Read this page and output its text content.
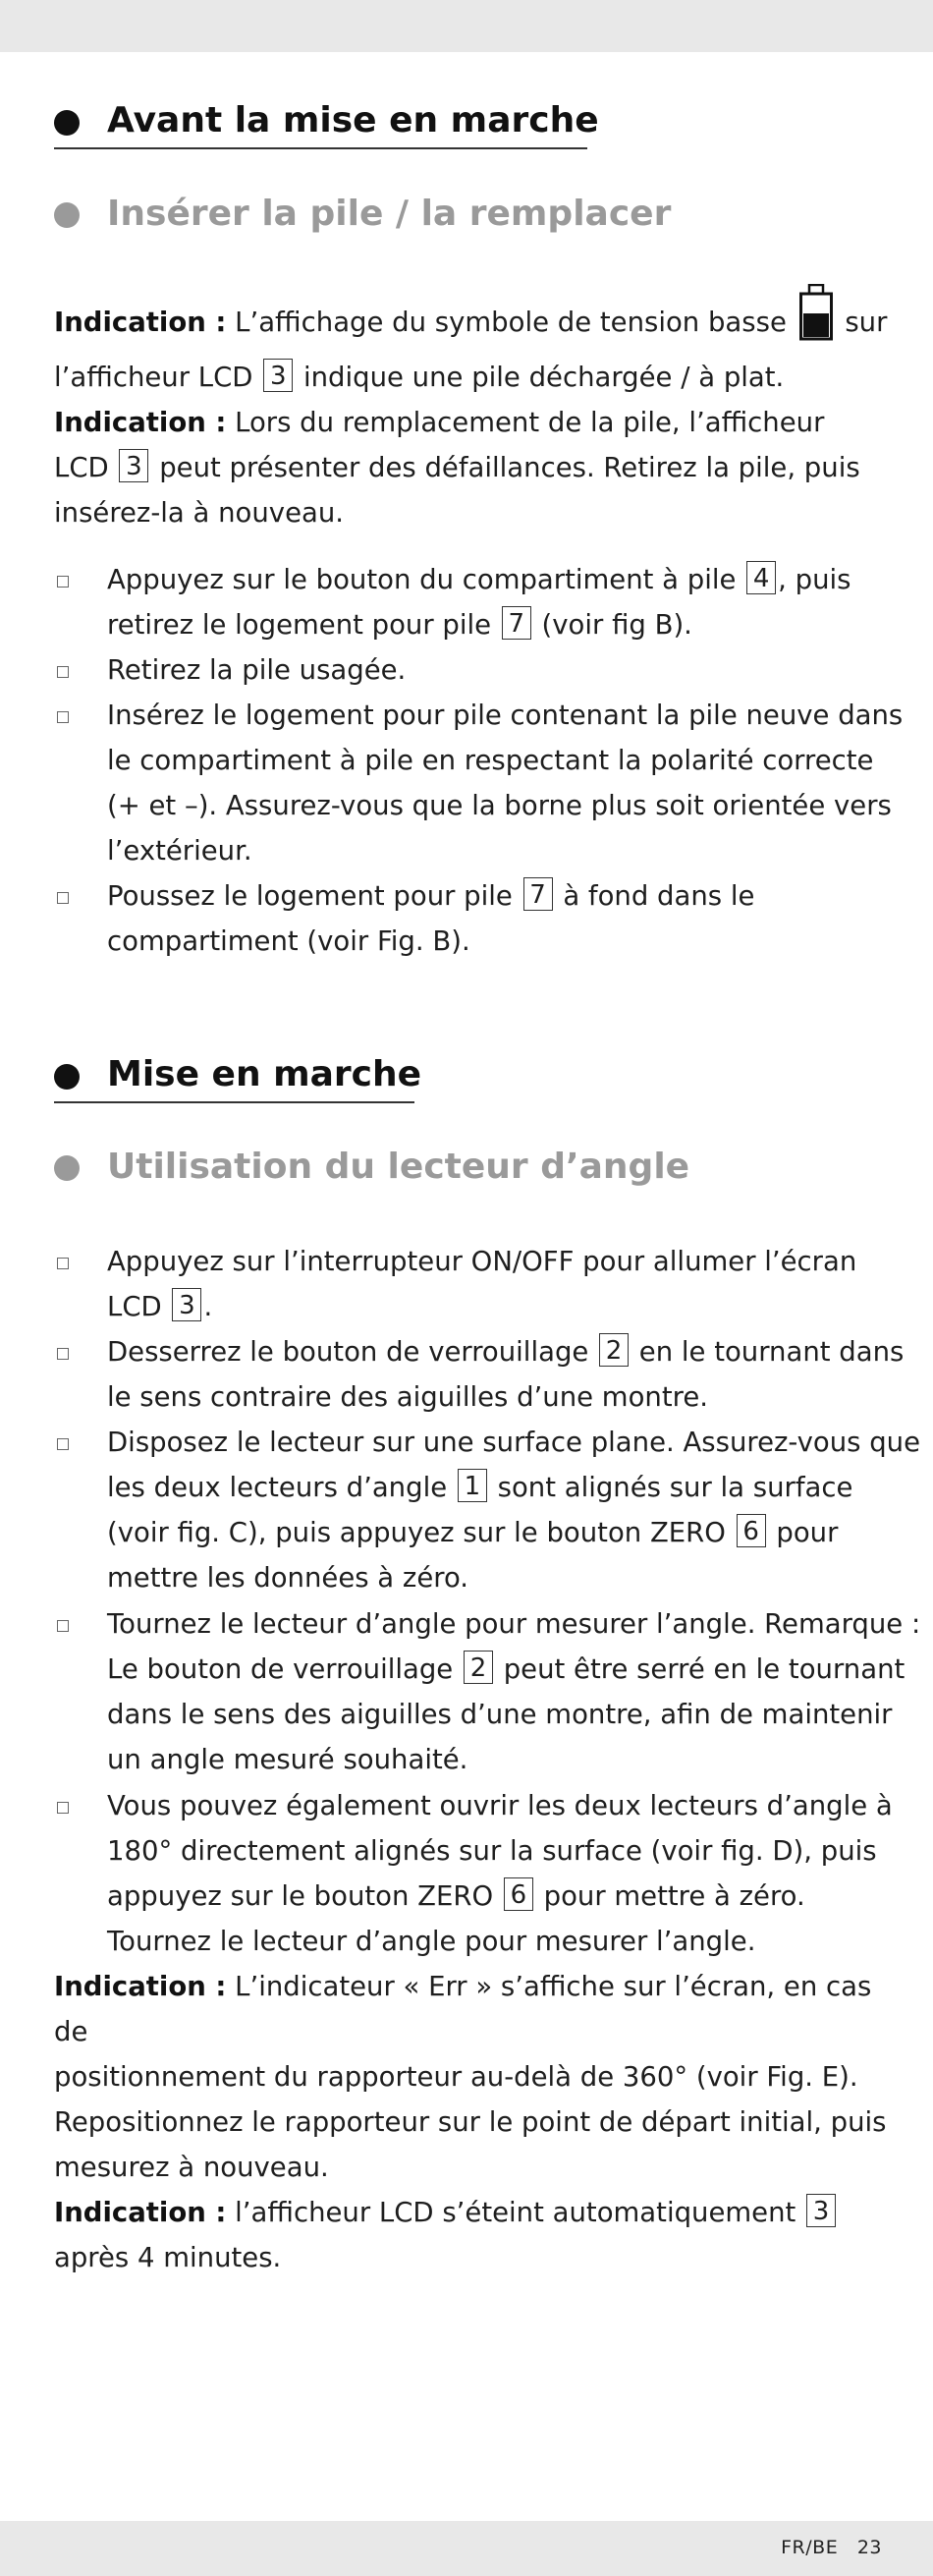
Avant la mise en marche
Insérer la pile / la remplacer
Indication : L’affichage du symbole de tension basse  sur
l’afficheur LCD 3 indique une pile déchargée / à plat.
Indication : Lors du remplacement de la pile, l’afficheur
LCD 3 peut présenter des défaillances. Retirez la pile, puis
insérez-la à nouveau.
Appuyez sur le bouton du compartiment à pile 4 , puis
retirez le logement pour pile 7 (voir fig B).
Retirez la pile usagée.
Insérez le logement pour pile contenant la pile neuve dans
le compartiment à pile en respectant la polarité correcte
(+ et –). Assurez-vous que la borne plus soit orientée vers
l’extérieur.
Poussez le logement pour pile 7 à fond dans le
compartiment (voir Fig. B).
Mise en marche
Utilisation du lecteur d’angle
Appuyez sur l’interrupteur ON/OFF pour allumer l’écran
LCD 3 .
Desserrez le bouton de verrouillage 2 en le tournant dans
le sens contraire des aiguilles d’une montre.
Disposez le lecteur sur une surface plane. Assurez-vous que
les deux lecteurs d’angle 1 sont alignés sur la surface
(voir fig. C), puis appuyez sur le bouton ZERO 6 pour
mettre les données à zéro.
Tournez le lecteur d’angle pour mesurer l’angle. Remarque :
Le bouton de verrouillage 2 peut être serré en le tournant
dans le sens des aiguilles d’une montre, afin de maintenir
un angle mesuré souhaité.
Vous pouvez également ouvrir les deux lecteurs d’angle à
180° directement alignés sur la surface (voir fig. D), puis
appuyez sur le bouton ZERO 6 pour mettre à zéro.
Tournez le lecteur d’angle pour mesurer l’angle.
Indication : L’indicateur « Err » s’affiche sur l’écran, en cas de
positionnement du rapporteur au-delà de 360° (voir Fig. E).
Repositionnez le rapporteur sur le point de départ initial, puis
mesurez à nouveau.
Indication : l’afficheur LCD s’éteint automatiquement 3
après 4 minutes.
FR/BE   23
